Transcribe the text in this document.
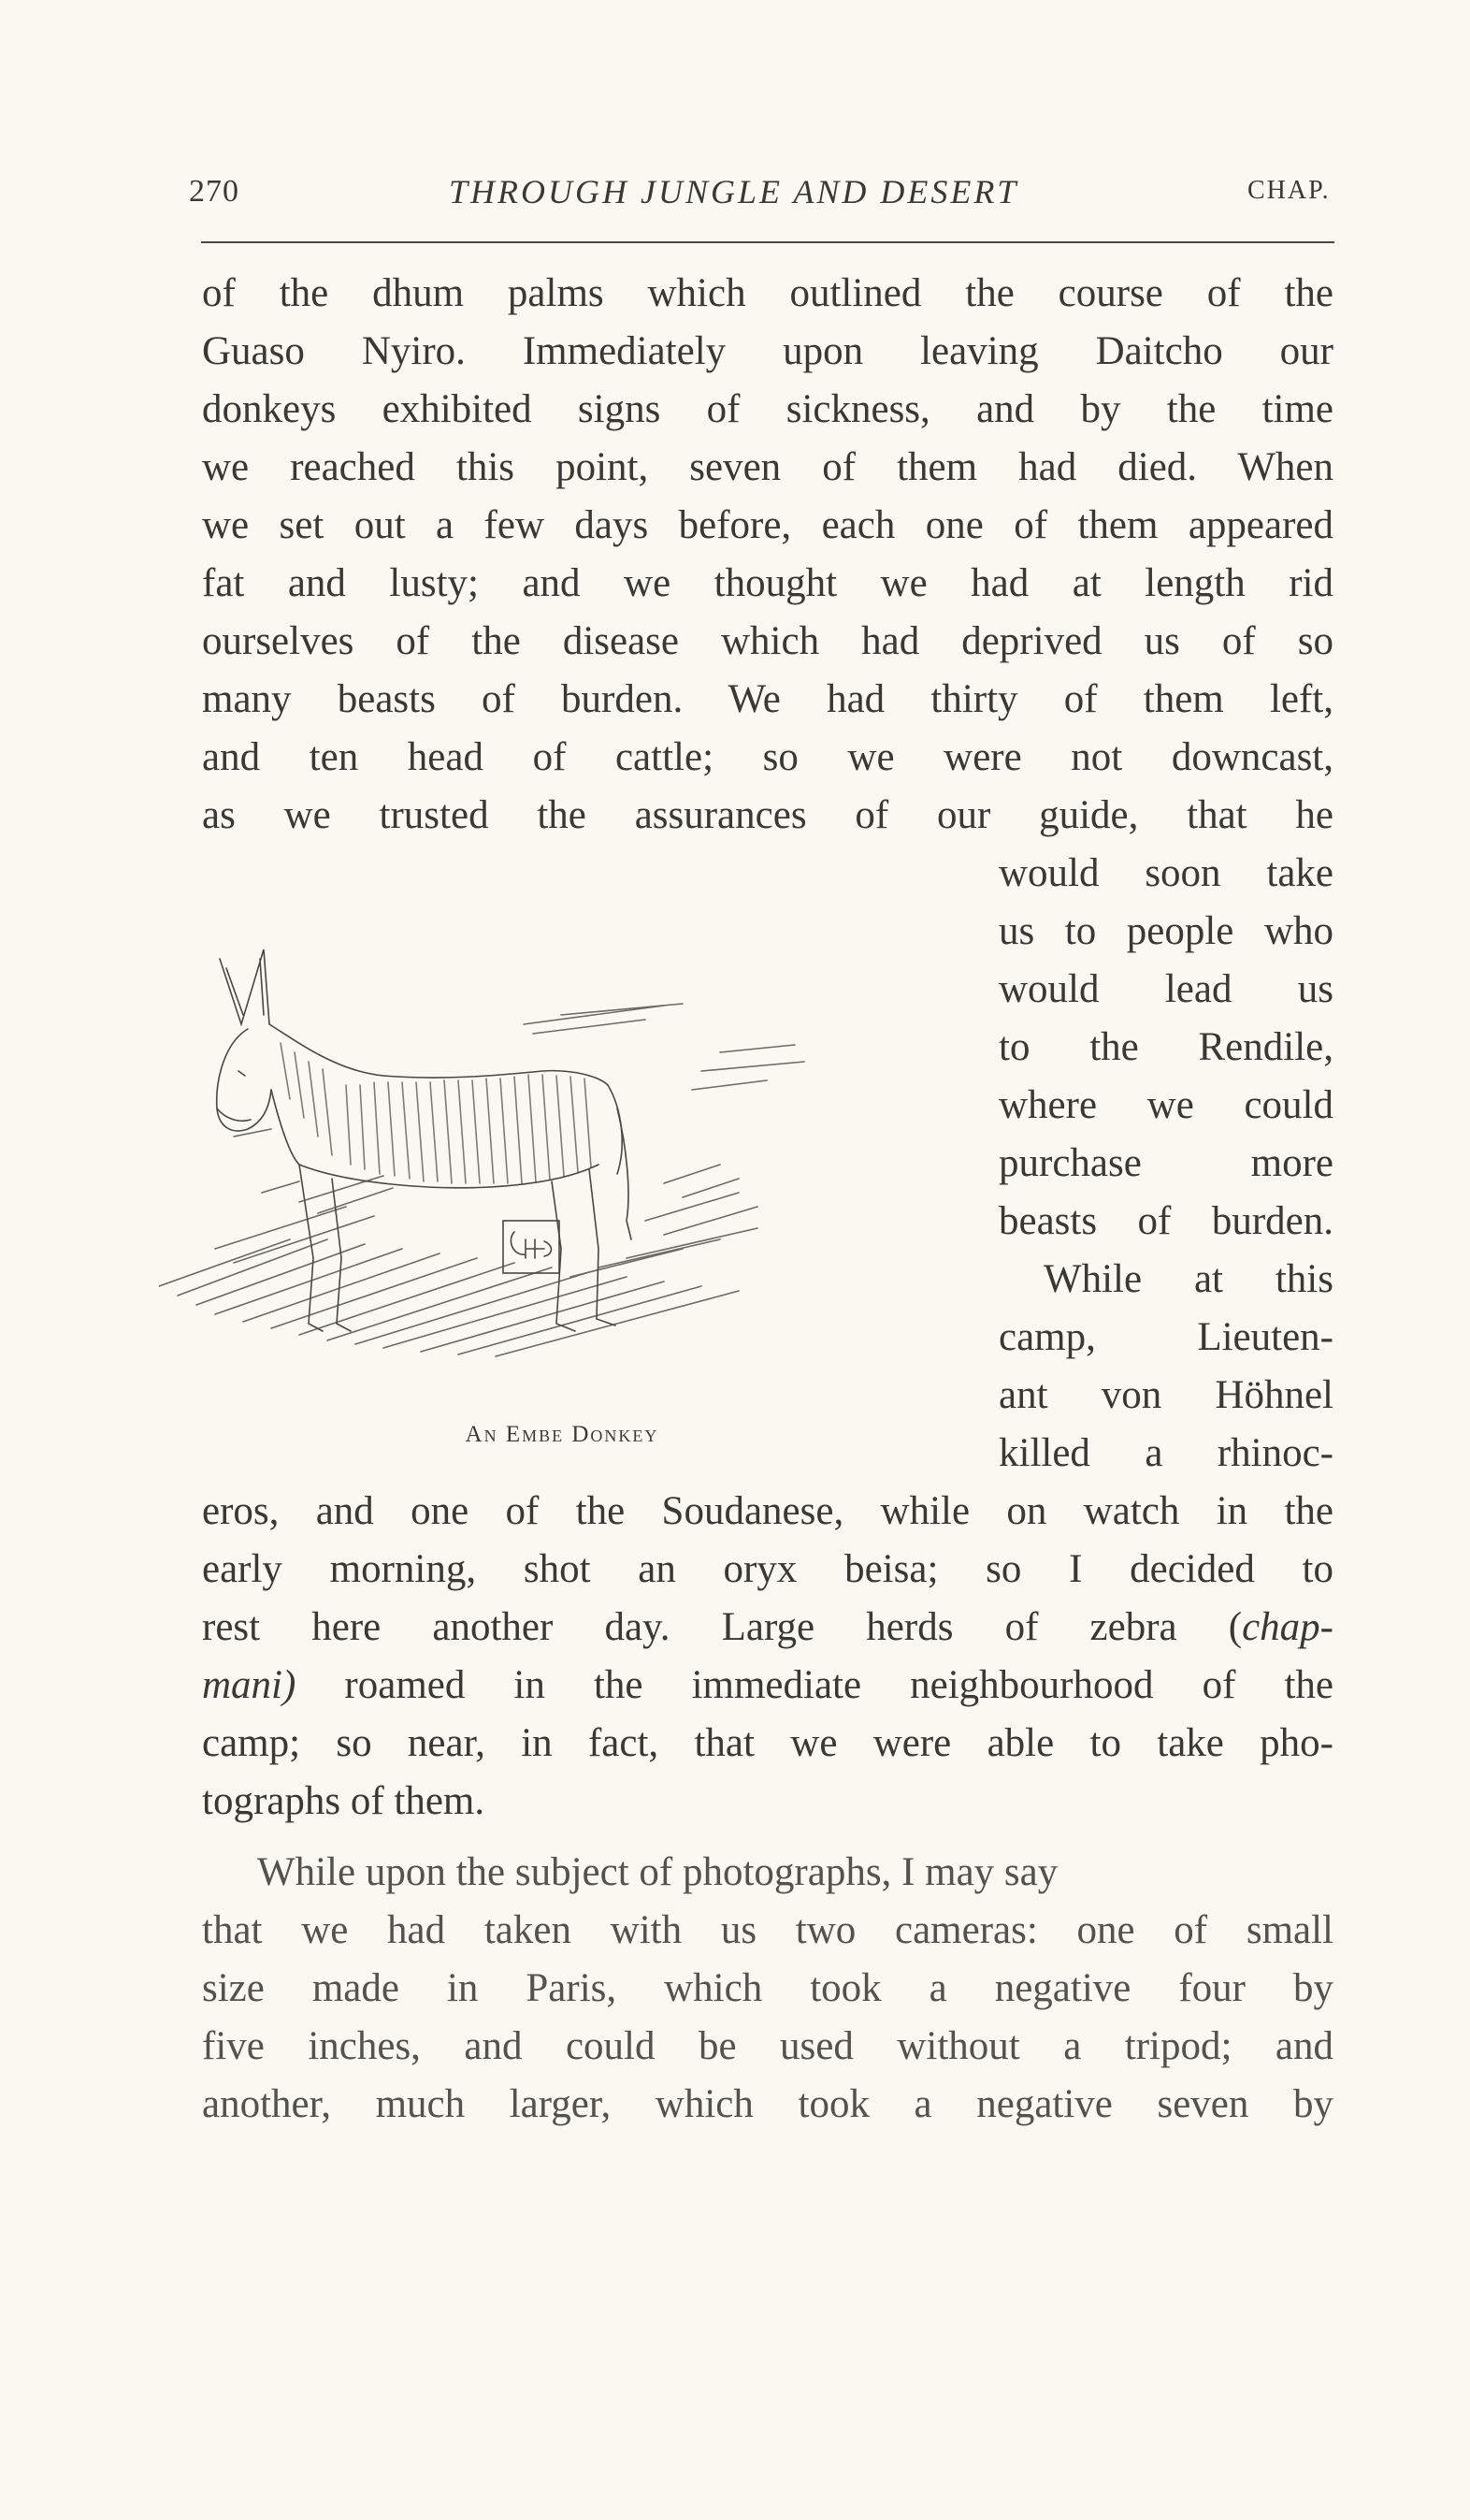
270	THROUGH JUNGLE AND DESERT	CHAP.
of the dhum palms which outlined the course of the
Guaso Nyiro. Immediately upon leaving Daitcho our
donkeys exhibited signs of sickness, and by the time
we reached this point, seven of them had died. When
we set out a few days before, each one of them appeared
fat and lusty; and we thought we had at length rid
ourselves of the disease which had deprived us of so
many beasts of burden. We had thirty of them left,
and ten head of cattle; so we were not downcast,
as we trusted the assurances of our guide, that he
would soon take
us to people who
would lead us
to the Rendile,
where we could
purchase more
beasts of burden.
While at this
camp, Lieuten-
ant von Höhnel
killed a rhinoc-
An Embe Donkey
eros, and one of the Soudanese, while on watch in the
early morning, shot an oryx beisa; so I decided to
rest here another day. Large herds of zebra (chap-
mani) roamed in the immediate neighbourhood of the
camp; so near, in fact, that we were able to take pho-
tographs of them.
While upon the subject of photographs, I may say
that we had taken with us two cameras: one of small
size made in Paris, which took a negative four by
five inches, and could be used without a tripod; and
another, much larger, which took a negative seven by
